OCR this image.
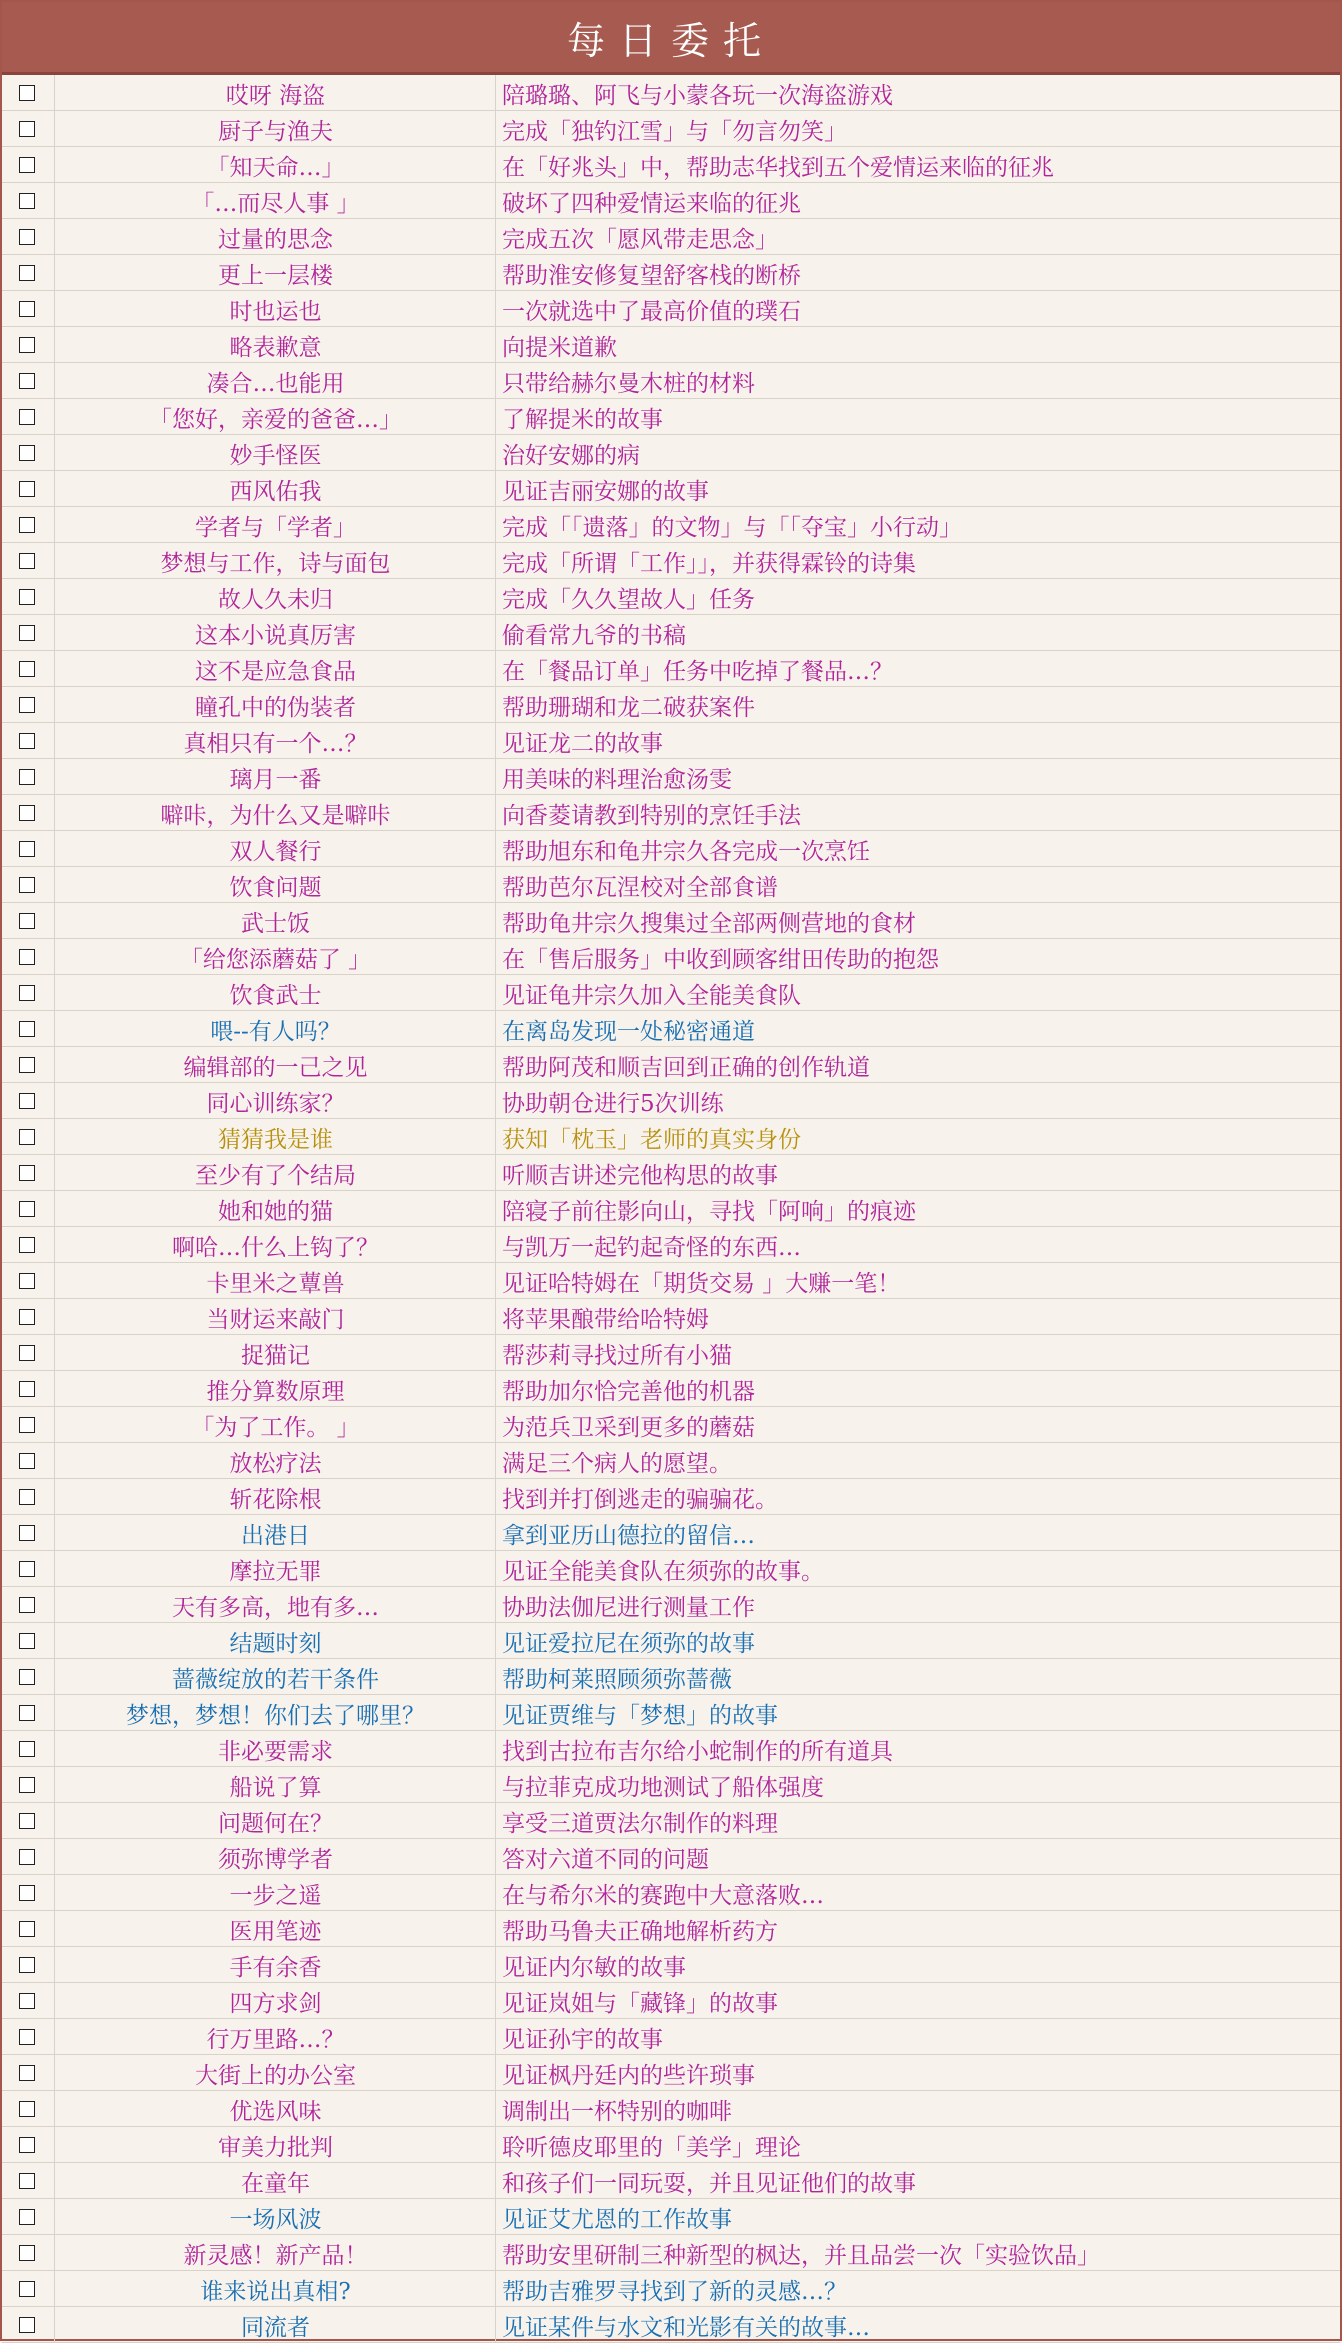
每日委托
哎呀 海盗	陪璐璐、阿飞与小蒙各玩一次海盗游戏
厨子与渔夫	完成「独钓江雪」与「勿言勿笑」
「知天命…」	在「好兆头」中，帮助志华找到五个爱情运来临的征兆
「…而尽人事 」	破坏了四种爱情运来临的征兆
过量的思念	完成五次「愿风带走思念」
更上一层楼	帮助淮安修复望舒客栈的断桥
时也运也	一次就选中了最高价值的璞石
略表歉意	向提米道歉
凑合…也能用	只带给赫尔曼木桩的材料
「您好，亲爱的爸爸…」	了解提米的故事
妙手怪医	治好安娜的病
西风佑我	见证吉丽安娜的故事
学者与「学者」	完成「「遗落」的文物」与「「夺宝」小行动」
梦想与工作，诗与面包	完成「所谓「工作」」，并获得霖铃的诗集
故人久未归	完成「久久望故人」任务
这本小说真厉害	偷看常九爷的书稿
这不是应急食品	在「餐品订单」任务中吃掉了餐品…？
瞳孔中的伪装者	帮助珊瑚和龙二破获案件
真相只有一个…？	见证龙二的故事
璃月一番	用美味的料理治愈汤雯
噼咔，为什么又是噼咔	向香菱请教到特别的烹饪手法
双人餐行	帮助旭东和龟井宗久各完成一次烹饪
饮食问题	帮助芭尔瓦涅校对全部食谱
武士饭	帮助龟井宗久搜集过全部两侧营地的食材
「给您添蘑菇了 」	在「售后服务」中收到顾客绀田传助的抱怨
饮食武士	见证龟井宗久加入全能美食队
喂--有人吗？	在离岛发现一处秘密通道
编辑部的一己之见	帮助阿茂和顺吉回到正确的创作轨道
同心训练家？	协助朝仓进行5次训练
猜猜我是谁	获知「枕玉」老师的真实身份
至少有了个结局	听顺吉讲述完他构思的故事
她和她的猫	陪寝子前往影向山，寻找「阿响」的痕迹
啊哈…什么上钩了？	与凯万一起钓起奇怪的东西…
卡里米之蕈兽	见证哈特姆在「期货交易 」大赚一笔！
当财运来敲门	将苹果酿带给哈特姆
捉猫记	帮莎莉寻找过所有小猫
推分算数原理	帮助加尔恰完善他的机器
「为了工作。 」	为范兵卫采到更多的蘑菇
放松疗法	满足三个病人的愿望。
斩花除根	找到并打倒逃走的骗骗花。
出港日	拿到亚历山德拉的留信…
摩拉无罪	见证全能美食队在须弥的故事。
天有多高，地有多…	协助法伽尼进行测量工作
结题时刻	见证爱拉尼在须弥的故事
蔷薇绽放的若干条件	帮助柯莱照顾须弥蔷薇
梦想，梦想！你们去了哪里？	见证贾维与「梦想」的故事
非必要需求	找到古拉布吉尔给小蛇制作的所有道具
船说了算	与拉菲克成功地测试了船体强度
问题何在？	享受三道贾法尔制作的料理
须弥博学者	答对六道不同的问题
一步之遥	在与希尔米的赛跑中大意落败…
医用笔迹	帮助马鲁夫正确地解析药方
手有余香	见证内尔敏的故事
四方求剑	见证岚姐与「藏锋」的故事
行万里路…？	见证孙宇的故事
大街上的办公室	见证枫丹廷内的些许琐事
优选风味	调制出一杯特别的咖啡
审美力批判	聆听德皮耶里的「美学」理论
在童年	和孩子们一同玩耍，并且见证他们的故事
一场风波	见证艾尤恩的工作故事
新灵感！新产品！	帮助安里研制三种新型的枫达，并且品尝一次「实验饮品」
谁来说出真相?	帮助吉雅罗寻找到了新的灵感…？
同流者	见证某件与水文和光影有关的故事…
